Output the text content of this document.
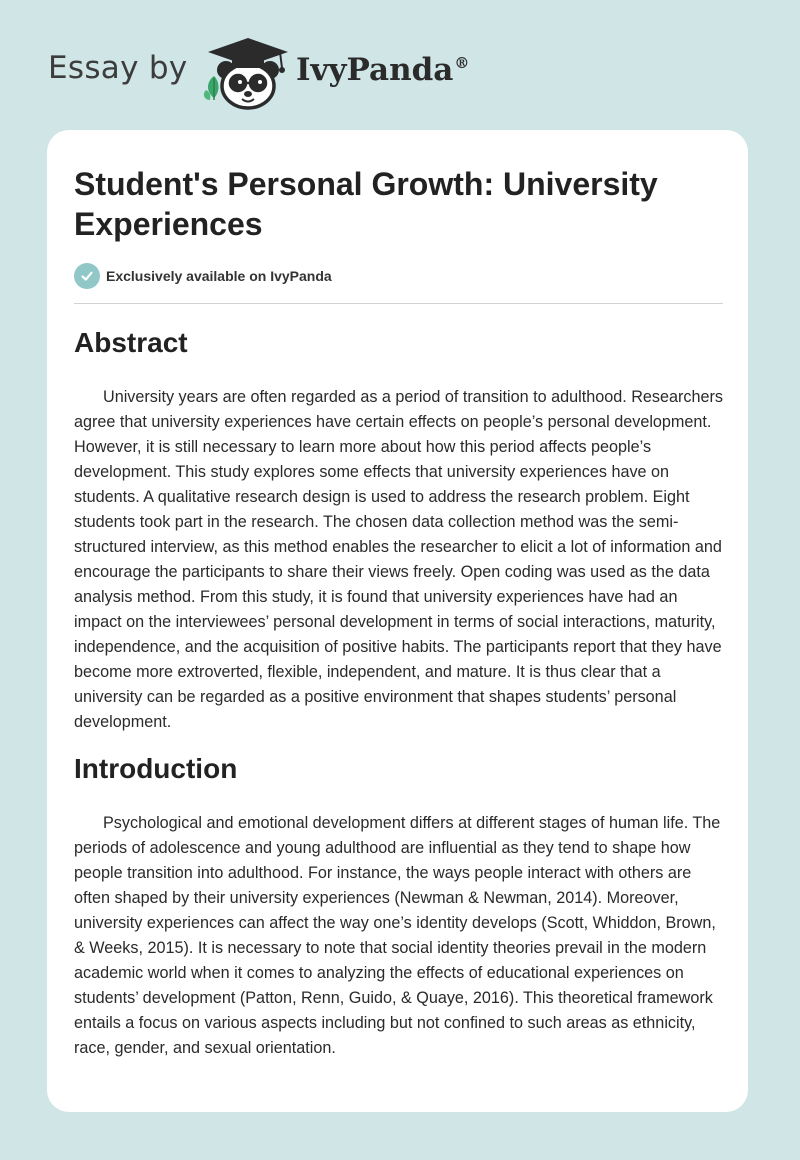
Essay by	IvyPanda®
Student's Personal Growth: University Experiences
Exclusively available on IvyPanda
Abstract

University years are often regarded as a period of transition to adulthood. Researchers agree that university experiences have certain effects on people’s personal development. However, it is still necessary to learn more about how this period affects people’s development. This study explores some effects that university experiences have on students. A qualitative research design is used to address the research problem. Eight students took part in the research. The chosen data collection method was the semi-structured interview, as this method enables the researcher to elicit a lot of information and encourage the participants to share their views freely. Open coding was used as the data analysis method. From this study, it is found that university experiences have had an impact on the interviewees’ personal development in terms of social interactions, maturity, independence, and the acquisition of positive habits. The participants report that they have become more extroverted, flexible, independent, and mature. It is thus clear that a university can be regarded as a positive environment that shapes students’ personal development.

Introduction

Psychological and emotional development differs at different stages of human life. The periods of adolescence and young adulthood are influential as they tend to shape how people transition into adulthood. For instance, the ways people interact with others are often shaped by their university experiences (Newman & Newman, 2014). Moreover, university experiences can affect the way one’s identity develops (Scott, Whiddon, Brown, & Weeks, 2015). It is necessary to note that social identity theories prevail in the modern academic world when it comes to analyzing the effects of educational experiences on students’ development (Patton, Renn, Guido, & Quaye, 2016). This theoretical framework entails a focus on various aspects including but not confined to such areas as ethnicity, race, gender, and sexual orientation.
